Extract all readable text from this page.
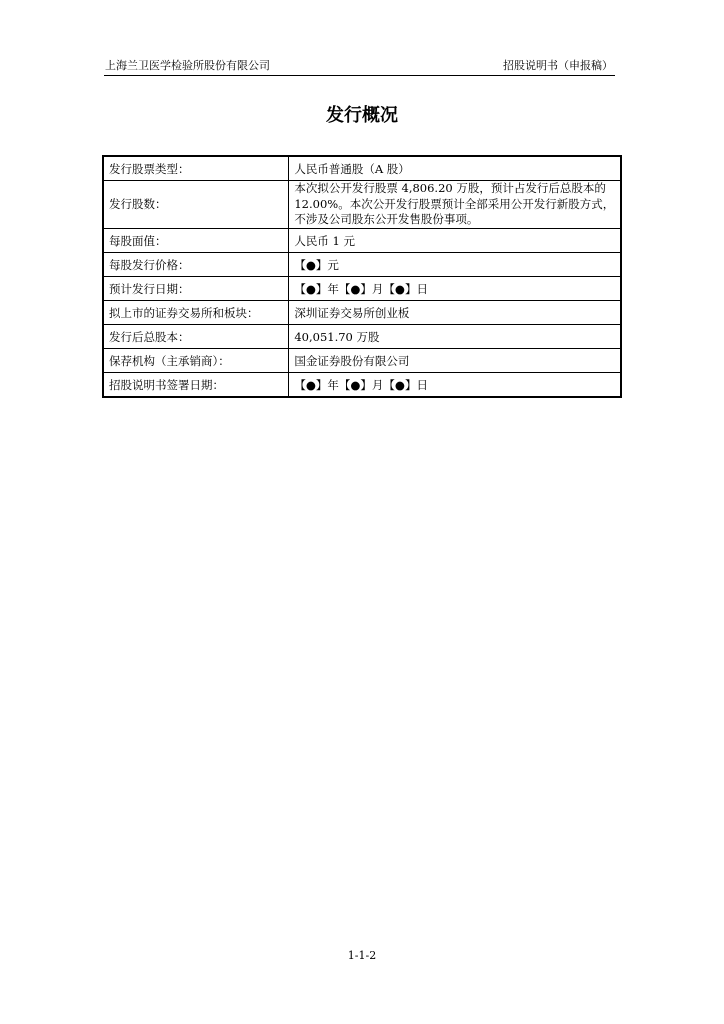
上海兰卫医学检验所股份有限公司	招股说明书（申报稿）
发行概况
发行股票类型：	人民币普通股（A 股）
发行股数：	本次拟公开发行股票 4,806.20 万股，预计占发行后总股本的 12.00%。本次公开发行股票预计全部采用公开发行新股方式，不涉及公司股东公开发售股份事项。
每股面值：	人民币 1 元
每股发行价格：	【●】元
预计发行日期：	【●】年【●】月【●】日
拟上市的证券交易所和板块：	深圳证券交易所创业板
发行后总股本：	40,051.70 万股
保荐机构（主承销商）：	国金证券股份有限公司
招股说明书签署日期：	【●】年【●】月【●】日
1-1-2
